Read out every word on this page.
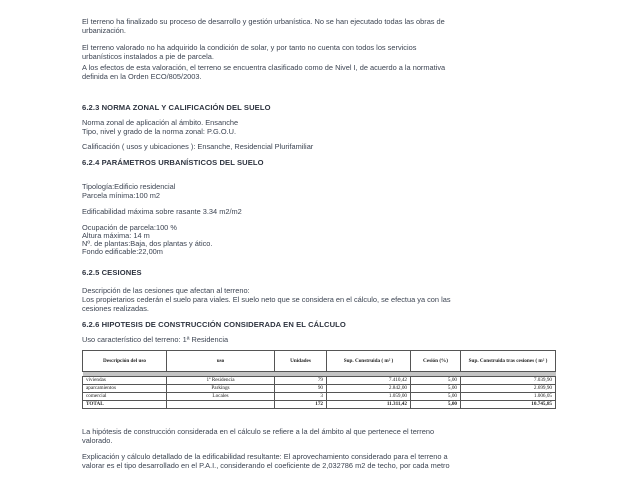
El terreno ha finalizado su proceso de desarrollo y gestión urbanística. No se han ejecutado todas las obras de
urbanización.
El terreno valorado no ha adquirido la condición de solar, y por tanto no cuenta con todos los servicios
urbanísticos instalados a pie de parcela.
A los efectos de esta valoración, el terreno se encuentra clasificado como de Nivel I, de acuerdo a la normativa
definida en la Orden ECO/805/2003.
6.2.3 NORMA ZONAL Y CALIFICACIÓN DEL SUELO
Norma zonal de aplicación al ámbito. Ensanche
Tipo, nivel y grado de la norma zonal: P.G.O.U.
Calificación ( usos y ubicaciones ): Ensanche, Residencial Plurifamiliar
6.2.4 PARÁMETROS URBANÍSTICOS DEL SUELO
Tipología:Edificio residencial
Parcela mínima:100 m2
Edificabilidad máxima sobre rasante 3.34 m2/m2
Ocupación de parcela:100 %
Altura máxima: 14 m
Nº. de plantas:Baja, dos plantas y ático.
Fondo edificable:22,00m
6.2.5 CESIONES
Descripción de las cesiones que afectan al terreno:
Los propietarios cederán el suelo para viales. El suelo neto que se considera en el cálculo, se efectua ya con las
cesiones realizadas.
6.2.6 HIPOTESIS DE CONSTRUCCIÓN CONSIDERADA EN EL CÁLCULO
Uso característico del terreno: 1ª Residencia
Descripción del uso	uso	Unidades	Sup. Construida ( m² )	Cesión (%)	Sup. Construida tras cesiones ( m² )

viviendas	1ª Residencia	79	7.410,42	5,00	7.039,90
aparcamientos	Parkings	90	2.842,00	5,00	2.699,90
comercial	Locales	3	1.059,00	5,00	1.006,05
TOTAL		172	11.311,42	5,00	10.745,85
La hipótesis de construcción considerada en el cálculo se refiere a la del ámbito al que pertenece el terreno
valorado.
Explicación y cálculo detallado de la edificabilidad resultante: El aprovechamiento considerado para el terreno a
valorar es el tipo desarrollado en el P.A.I., considerando el coeficiente de 2,032786 m2 de techo, por cada metro
